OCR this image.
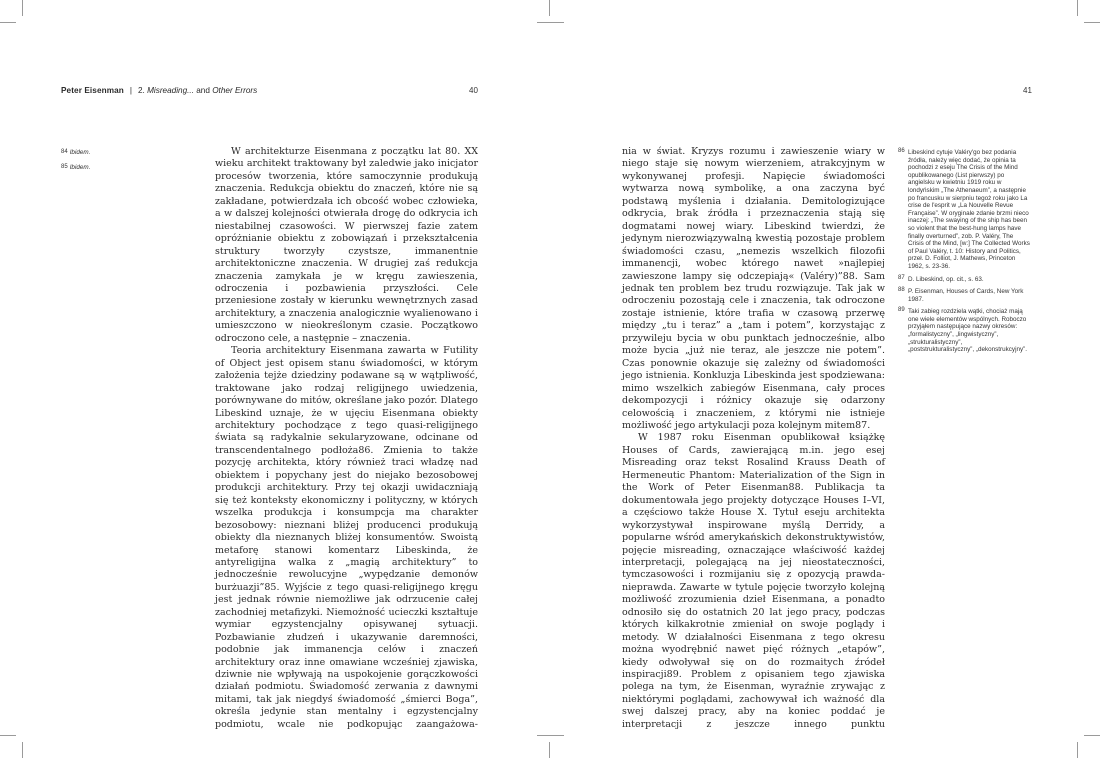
Peter Eisenman | 2. Misreading... and Other Errors	40	41
84 Ibidem.
85 Ibidem.

W architekturze Eisenmana z początku lat 80. XX wieku architekt traktowany był zaledwie jako inicjator procesów tworzenia, które samoczynnie produkują znaczenia. Redukcja obiektu do znaczeń, które nie są zakładane, potwierdzała ich obcość wobec człowieka, a w dalszej kolejności otwierała drogę do odkrycia ich niestabilnej czasowości. W pierwszej fazie zatem opróżnianie obiektu z zobowiązań i przekształcenia struktury tworzyły czystsze, immanentnie architektoniczne znaczenia. W drugiej zaś redukcja znaczenia zamykała je w kręgu zawieszenia, odroczenia i pozbawienia przyszłości. Cele przeniesione zostały w kierunku wewnętrznych zasad architektury, a znaczenia analogicznie wyalienowano i umieszczono w nieokreślonym czasie. Początkowo odroczono cele, a następnie – znaczenia.

Teoria architektury Eisenmana zawarta w Futility of Object jest opisem stanu świadomości, w którym założenia tejże dziedziny podawane są w wątpliwość, traktowane jako rodzaj religijnego uwiedzenia, porównywane do mitów, określane jako pozór. Dlatego Libeskind uznaje, że w ujęciu Eisenmana obiekty architektury pochodzące z tego quasi-religijnego świata są radykalnie sekularyzowane, odcinane od transcendentalnego podłoża86. Zmienia to także pozycję architekta, który również traci władzę nad obiektem i popychany jest do niejako bezosobowej produkcji architektury. Przy tej okazji uwidaczniają się też konteksty ekonomiczny i polityczny, w których wszelka produkcja i konsumpcja ma charakter bezosobowy: nieznani bliżej producenci produkują obiekty dla nieznanych bliżej konsumentów. Swoistą metaforę stanowi komentarz Libeskinda, że antyreligijna walka z „magią architektury” to jednocześnie rewolucyjne „wypędzanie demonów burżuazji”85. Wyjście z tego quasi-religijnego kręgu jest jednak równie niemożliwe jak odrzucenie całej zachodniej metafizyki. Niemożność ucieczki kształtuje wymiar egzystencjalny opisywanej sytuacji. Pozbawianie złudzeń i ukazywanie daremności, podobnie jak immanencja celów i znaczeń architektury oraz inne omawiane wcześniej zjawiska, dziwnie nie wpływają na uspokojenie gorączkowości działań podmiotu. Świadomość zerwania z dawnymi mitami, tak jak niegdyś świadomość „śmierci Boga”, określa jedynie stan mentalny i egzystencjalny podmiotu, wcale nie podkopując zaangażowa-

nia w świat. Kryzys rozumu i zawieszenie wiary w niego staje się nowym wierzeniem, atrakcyjnym w wykonywanej profesji. Napięcie świadomości wytwarza nową symbolikę, a ona zaczyna być podstawą myślenia i działania. Demitologizujące odkrycia, brak źródła i przeznaczenia stają się dogmatami nowej wiary. Libeskind twierdzi, że jedynym nierozwiązywalną kwestią pozostaje problem świadomości czasu, „nemezis wszelkich filozofii immanencji, wobec którego nawet »najlepiej zawieszone lampy się odczepiają« (Valéry)”88. Sam jednak ten problem bez trudu rozwiązuje. Tak jak w odroczeniu pozostają cele i znaczenia, tak odroczone zostaje istnienie, które trafia w czasową przerwę między „tu i teraz” a „tam i potem”, korzystając z przywileju bycia w obu punktach jednocześnie, albo może bycia „już nie teraz, ale jeszcze nie potem”. Czas ponownie okazuje się zależny od świadomości jego istnienia. Konkluzja Libeskinda jest spodziewana: mimo wszelkich zabiegów Eisenmana, cały proces dekompozycji i różnicy okazuje się odarzony celowością i znaczeniem, z którymi nie istnieje możliwość jego artykulacji poza kolejnym mitem87.

W 1987 roku Eisenman opublikował książkę Houses of Cards, zawierającą m.in. jego esej Misreading oraz tekst Rosalind Krauss Death of Hermeneutic Phantom: Materialization of the Sign in the Work of Peter Eisenman88. Publikacja ta dokumentowała jego projekty dotyczące Houses I–VI, a częściowo także House X. Tytuł eseju architekta wykorzystywał inspirowane myślą Derridy, a popularne wśród amerykańskich dekonstruktywistów, pojęcie misreading, oznaczające właściwość każdej interpretacji, polegającą na jej nieostateczności, tymczasowości i rozmijaniu się z opozycją prawda-nieprawda. Zawarte w tytule pojęcie tworzyło kolejną możliwość zrozumienia dzieł Eisenmana, a ponadto odnosiło się do ostatnich 20 lat jego pracy, podczas których kilkakrotnie zmieniał on swoje poglądy i metody. W działalności Eisenmana z tego okresu można wyodrębnić nawet pięć różnych „etapów”, kiedy odwoływał się on do rozmaitych źródeł inspiracji89. Problem z opisaniem tego zjawiska polega na tym, że Eisenman, wyraźnie zrywając z niektórymi poglądami, zachowywał ich ważność dla swej dalszej pracy, aby na koniec poddać je interpretacji z jeszcze innego punktu

86 Libeskind cytuje Valéry'go bez podania źródła, należy więc dodać, że opinia ta pochodzi z eseju The Crisis of the Mind opublikowanego (List pierwszy) po angielsku w kwietniu 1919 roku w londyńskim „The Athenaeum”, a następnie po francusku w sierpniu tegoż roku jako La crise de l'esprit w „La Nouvelle Revue Française”. W oryginale zdanie brzmi nieco inaczej: „The swaying of the ship has been so violent that the best-hung lamps have finally overturned”, zob. P. Valéry, The Crisis of the Mind, [w:] The Collected Works of Paul Valéry, t. 10: History and Politics, przeł. D. Folliot, J. Mathews, Princeton 1962, s. 23-36.
87 D. Libeskind, op. cit., s. 63.
88 P. Eisenman, Houses of Cards, New York 1987.
89 Taki zabieg rozdziela wątki, chociaż mają one wiele elementów wspólnych. Roboczo przyjąłem następujące nazwy okresów: „formalistyczny”, „lingwistyczny”, „strukturalistyczny”, „poststrukturalistyczny”, „dekonstrukcyjny”.
